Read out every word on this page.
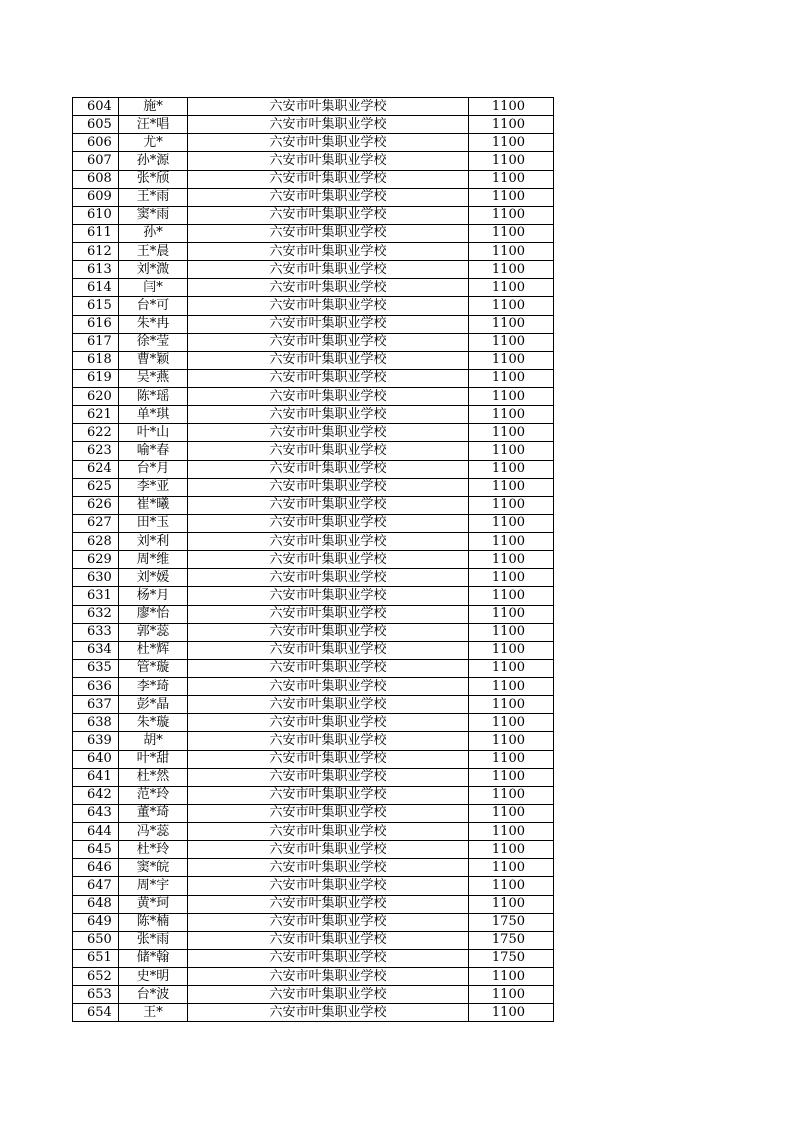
604	施*	六安市叶集职业学校	1100
605	汪*唱	六安市叶集职业学校	1100
606	尤*	六安市叶集职业学校	1100
607	孙*源	六安市叶集职业学校	1100
608	张*颀	六安市叶集职业学校	1100
609	王*雨	六安市叶集职业学校	1100
610	窦*雨	六安市叶集职业学校	1100
611	孙*	六安市叶集职业学校	1100
612	王*晨	六安市叶集职业学校	1100
613	刘*溦	六安市叶集职业学校	1100
614	闫*	六安市叶集职业学校	1100
615	台*可	六安市叶集职业学校	1100
616	朱*冉	六安市叶集职业学校	1100
617	徐*莹	六安市叶集职业学校	1100
618	曹*颖	六安市叶集职业学校	1100
619	吴*燕	六安市叶集职业学校	1100
620	陈*瑶	六安市叶集职业学校	1100
621	单*琪	六安市叶集职业学校	1100
622	叶*山	六安市叶集职业学校	1100
623	喻*春	六安市叶集职业学校	1100
624	台*月	六安市叶集职业学校	1100
625	李*亚	六安市叶集职业学校	1100
626	崔*曦	六安市叶集职业学校	1100
627	田*玉	六安市叶集职业学校	1100
628	刘*利	六安市叶集职业学校	1100
629	周*维	六安市叶集职业学校	1100
630	刘*媛	六安市叶集职业学校	1100
631	杨*月	六安市叶集职业学校	1100
632	廖*怡	六安市叶集职业学校	1100
633	郭*蕊	六安市叶集职业学校	1100
634	杜*辉	六安市叶集职业学校	1100
635	管*璇	六安市叶集职业学校	1100
636	李*琦	六安市叶集职业学校	1100
637	彭*晶	六安市叶集职业学校	1100
638	朱*璇	六安市叶集职业学校	1100
639	胡*	六安市叶集职业学校	1100
640	叶*甜	六安市叶集职业学校	1100
641	杜*然	六安市叶集职业学校	1100
642	范*玲	六安市叶集职业学校	1100
643	董*琦	六安市叶集职业学校	1100
644	冯*蕊	六安市叶集职业学校	1100
645	杜*玲	六安市叶集职业学校	1100
646	窦*皖	六安市叶集职业学校	1100
647	周*宇	六安市叶集职业学校	1100
648	黄*珂	六安市叶集职业学校	1100
649	陈*楠	六安市叶集职业学校	1750
650	张*雨	六安市叶集职业学校	1750
651	储*翰	六安市叶集职业学校	1750
652	史*明	六安市叶集职业学校	1100
653	台*波	六安市叶集职业学校	1100
654	王*	六安市叶集职业学校	1100
